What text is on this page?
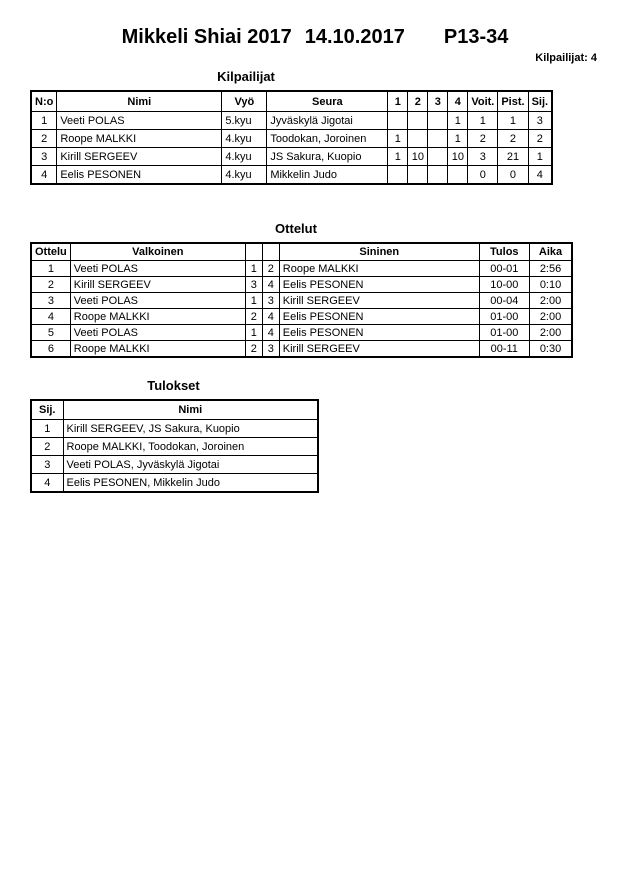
Mikkeli Shiai 2017 14.10.2017 P13-34
Kilpailijat: 4
Kilpailijat
N:o	Nimi	Vyö	Seura	1	2	3	4	Voit.	Pist.	Sij.
1	Veeti POLAS	5.kyu	Jyväskylä Jigotai				1	1	1	3
2	Roope MALKKI	4.kyu	Toodokan, Joroinen	1			1	2	2	2
3	Kirill SERGEEV	4.kyu	JS Sakura, Kuopio	1	10		10	3	21	1
4	Eelis PESONEN	4.kyu	Mikkelin Judo					0	0	4
Ottelut
Ottelu	Valkoinen			Sininen	Tulos	Aika
1	Veeti POLAS	1	2	Roope MALKKI	00-01	2:56
2	Kirill SERGEEV	3	4	Eelis PESONEN	10-00	0:10
3	Veeti POLAS	1	3	Kirill SERGEEV	00-04	2:00
4	Roope MALKKI	2	4	Eelis PESONEN	01-00	2:00
5	Veeti POLAS	1	4	Eelis PESONEN	01-00	2:00
6	Roope MALKKI	2	3	Kirill SERGEEV	00-11	0:30
Tulokset
Sij.	Nimi
1	Kirill SERGEEV, JS Sakura, Kuopio
2	Roope MALKKI, Toodokan, Joroinen
3	Veeti POLAS, Jyväskylä Jigotai
4	Eelis PESONEN, Mikkelin Judo
